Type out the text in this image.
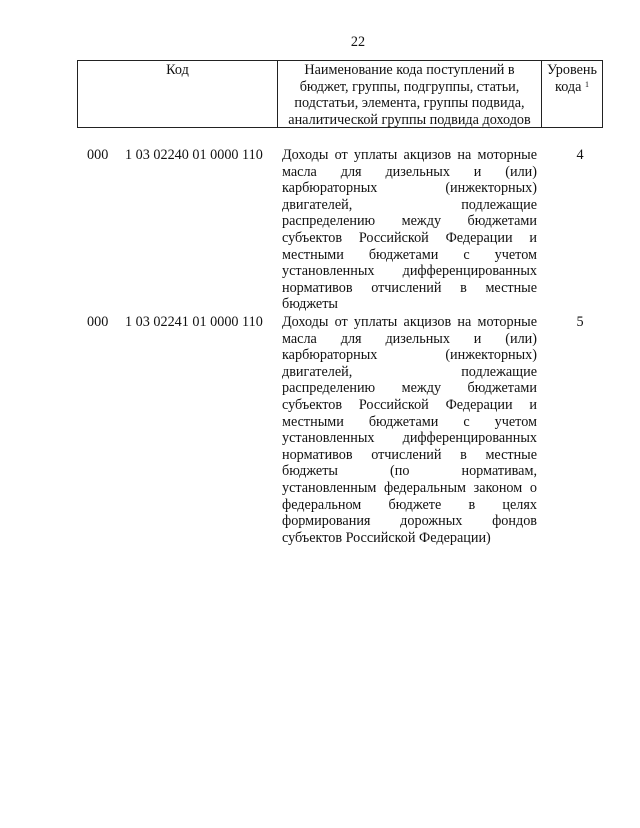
22
Код	Наименование кода поступлений в
бюджет, группы, подгруппы, статьи,
подстатьи, элемента, группы подвида,
аналитической группы подвида доходов
Уровень
кода $^1$
000 1 03 02240 01 0000 110 Доходы от уплаты акцизов на моторные
масла для дизельных и (или)
карбюраторных (инжекторных)
двигателей, подлежащие
распределению между бюджетами
субъектов Российской Федерации и
местными бюджетами с учетом
установленных дифференцированных
нормативов отчислений в местные
бюджеты
4
000 1 03 02241 01 0000 110 Доходы от уплаты акцизов на моторные
масла для дизельных и (или)
карбюраторных (инжекторных)
двигателей, подлежащие
распределению между бюджетами
субъектов Российской Федерации и
местными бюджетами с учетом
установленных дифференцированных
нормативов отчислений в местные
бюджеты (по нормативам,
установленным федеральным законом о
федеральном бюджете в целях
формирования дорожных фондов
субъектов Российской Федерации)
5
